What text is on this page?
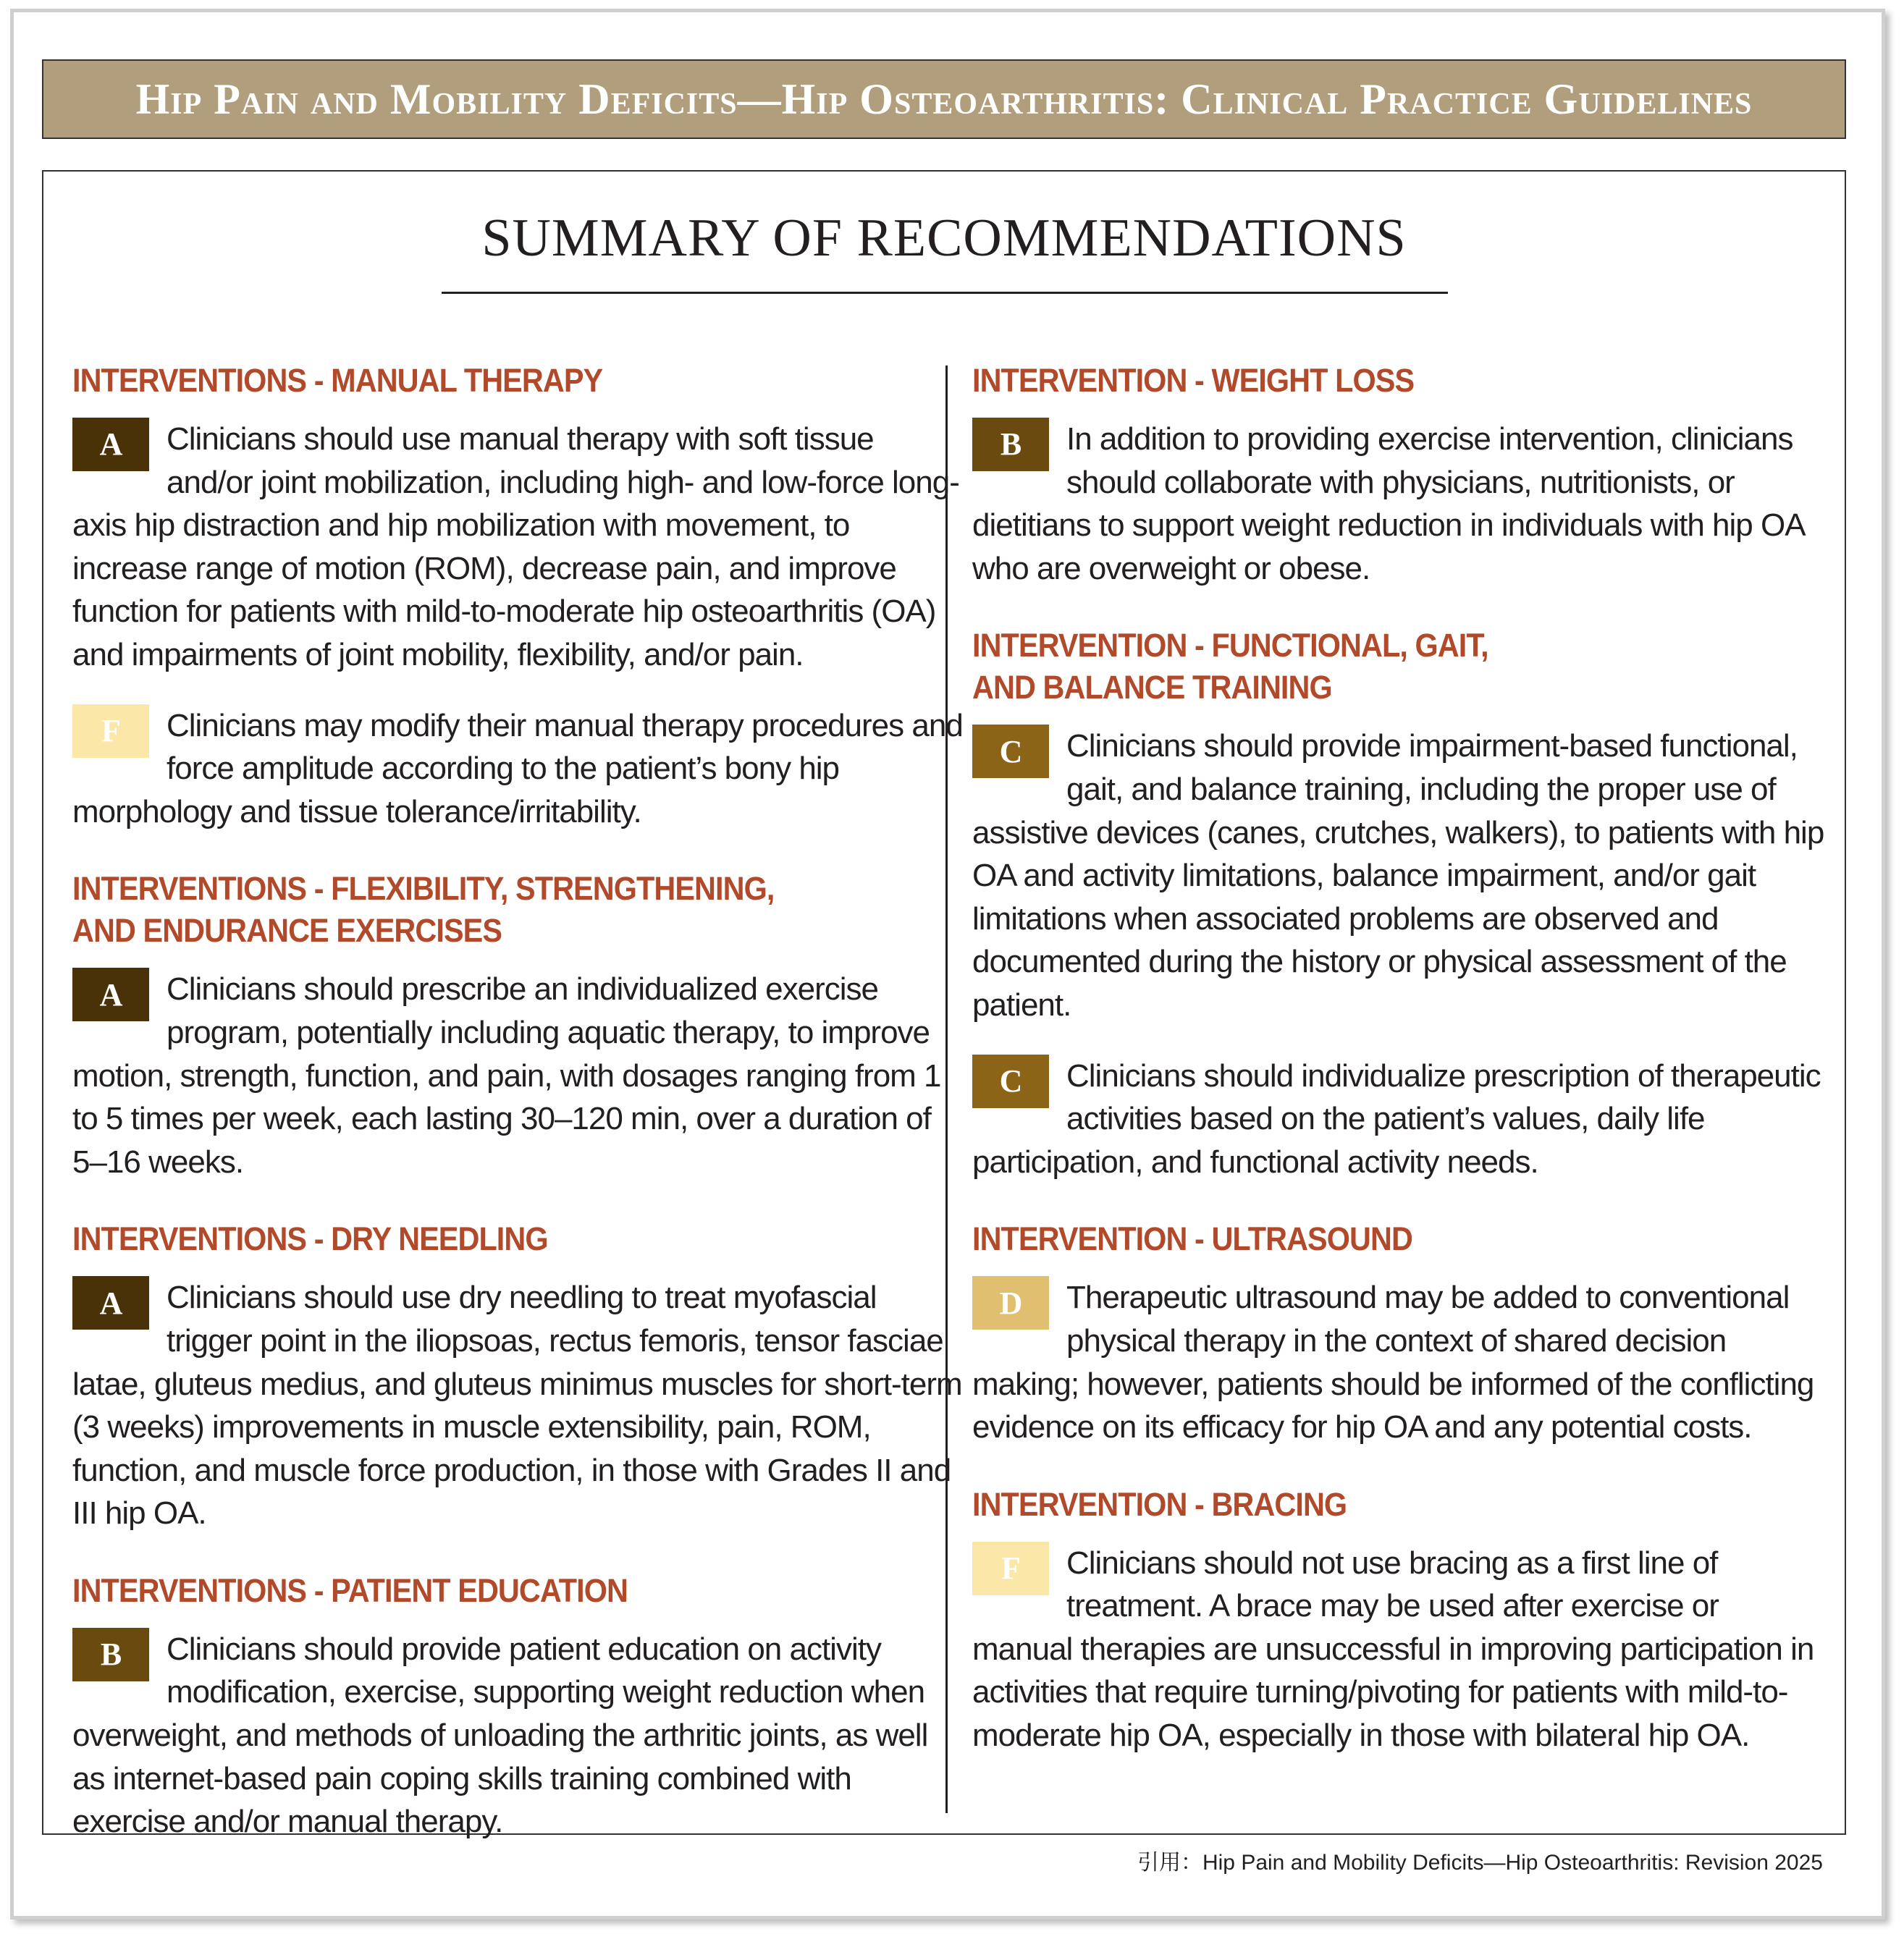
Hip Pain and Mobility Deficits—Hip Osteoarthritis: Clinical Practice Guidelines
SUMMARY OF RECOMMENDATIONS
INTERVENTIONS - MANUAL THERAPY
A	Clinicians should use manual therapy with soft tissue and/or joint mobilization, including high- and low-force long-axis hip distraction and hip mobilization with movement, to increase range of motion (ROM), decrease pain, and improve function for patients with mild-to-moderate hip osteoarthritis (OA) and impairments of joint mobility, flexibility, and/or pain.
F	Clinicians may modify their manual therapy procedures and force amplitude according to the patient’s bony hip morphology and tissue tolerance/irritability.
INTERVENTIONS - FLEXIBILITY, STRENGTHENING,
AND ENDURANCE EXERCISES
A	Clinicians should prescribe an individualized exercise program, potentially including aquatic therapy, to improve motion, strength, function, and pain, with dosages ranging from 1 to 5 times per week, each lasting 30–120 min, over a duration of 5–16 weeks.
INTERVENTIONS - DRY NEEDLING
A	Clinicians should use dry needling to treat myofascial trigger point in the iliopsoas, rectus femoris, tensor fasciae latae, gluteus medius, and gluteus minimus muscles for short-term (3 weeks) improvements in muscle extensibility, pain, ROM, function, and muscle force production, in those with Grades II and III hip OA.
INTERVENTIONS - PATIENT EDUCATION
B	Clinicians should provide patient education on activity modification, exercise, supporting weight reduction when overweight, and methods of unloading the arthritic joints, as well as internet-based pain coping skills training combined with exercise and/or manual therapy.
INTERVENTION - WEIGHT LOSS
B	In addition to providing exercise intervention, clinicians should collaborate with physicians, nutritionists, or dietitians to support weight reduction in individuals with hip OA who are overweight or obese.
INTERVENTION - FUNCTIONAL, GAIT,
AND BALANCE TRAINING
C	Clinicians should provide impairment-based functional, gait, and balance training, including the proper use of assistive devices (canes, crutches, walkers), to patients with hip OA and activity limitations, balance impairment, and/or gait limitations when associated problems are observed and documented during the history or physical assessment of the patient.
C	Clinicians should individualize prescription of therapeutic activities based on the patient’s values, daily life participation, and functional activity needs.
INTERVENTION - ULTRASOUND
D	Therapeutic ultrasound may be added to conventional physical therapy in the context of shared decision making; however, patients should be informed of the conflicting evidence on its efficacy for hip OA and any potential costs.
INTERVENTION - BRACING
F	Clinicians should not use bracing as a first line of treatment. A brace may be used after exercise or manual therapies are unsuccessful in improving participation in activities that require turning/pivoting for patients with mild-to-moderate hip OA, especially in those with bilateral hip OA.
引用：Hip Pain and Mobility Deficits—Hip Osteoarthritis: Revision 2025
